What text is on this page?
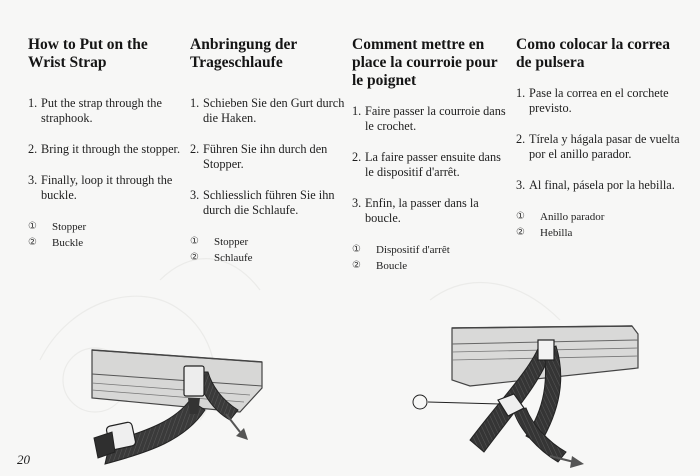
How to Put on the Wrist Strap
1. Put the strap through the straphook.
2. Bring it through the stopper.
3. Finally, loop it through the buckle.
① Stopper
② Buckle
Anbringung der Trageschlaufe
1. Schieben Sie den Gurt durch die Haken.
2. Führen Sie ihn durch den Stopper.
3. Schliesslich führen Sie ihn durch die Schlaufe.
① Stopper
② Schlaufe
Comment mettre en place la courroie pour le poignet
1. Faire passer la courroie dans le crochet.
2. La faire passer ensuite dans le dispositif d'arrêt.
3. Enfin, la passer dans la boucle.
① Dispositif d'arrêt
② Boucle
Como colocar la correa de pulsera
1. Pase la correa en el corchete previsto.
2. Tírela y hágala pasar de vuelta por el anillo parador.
3. Al final, pásela por la hebilla.
① Anillo parador
② Hebilla
20
